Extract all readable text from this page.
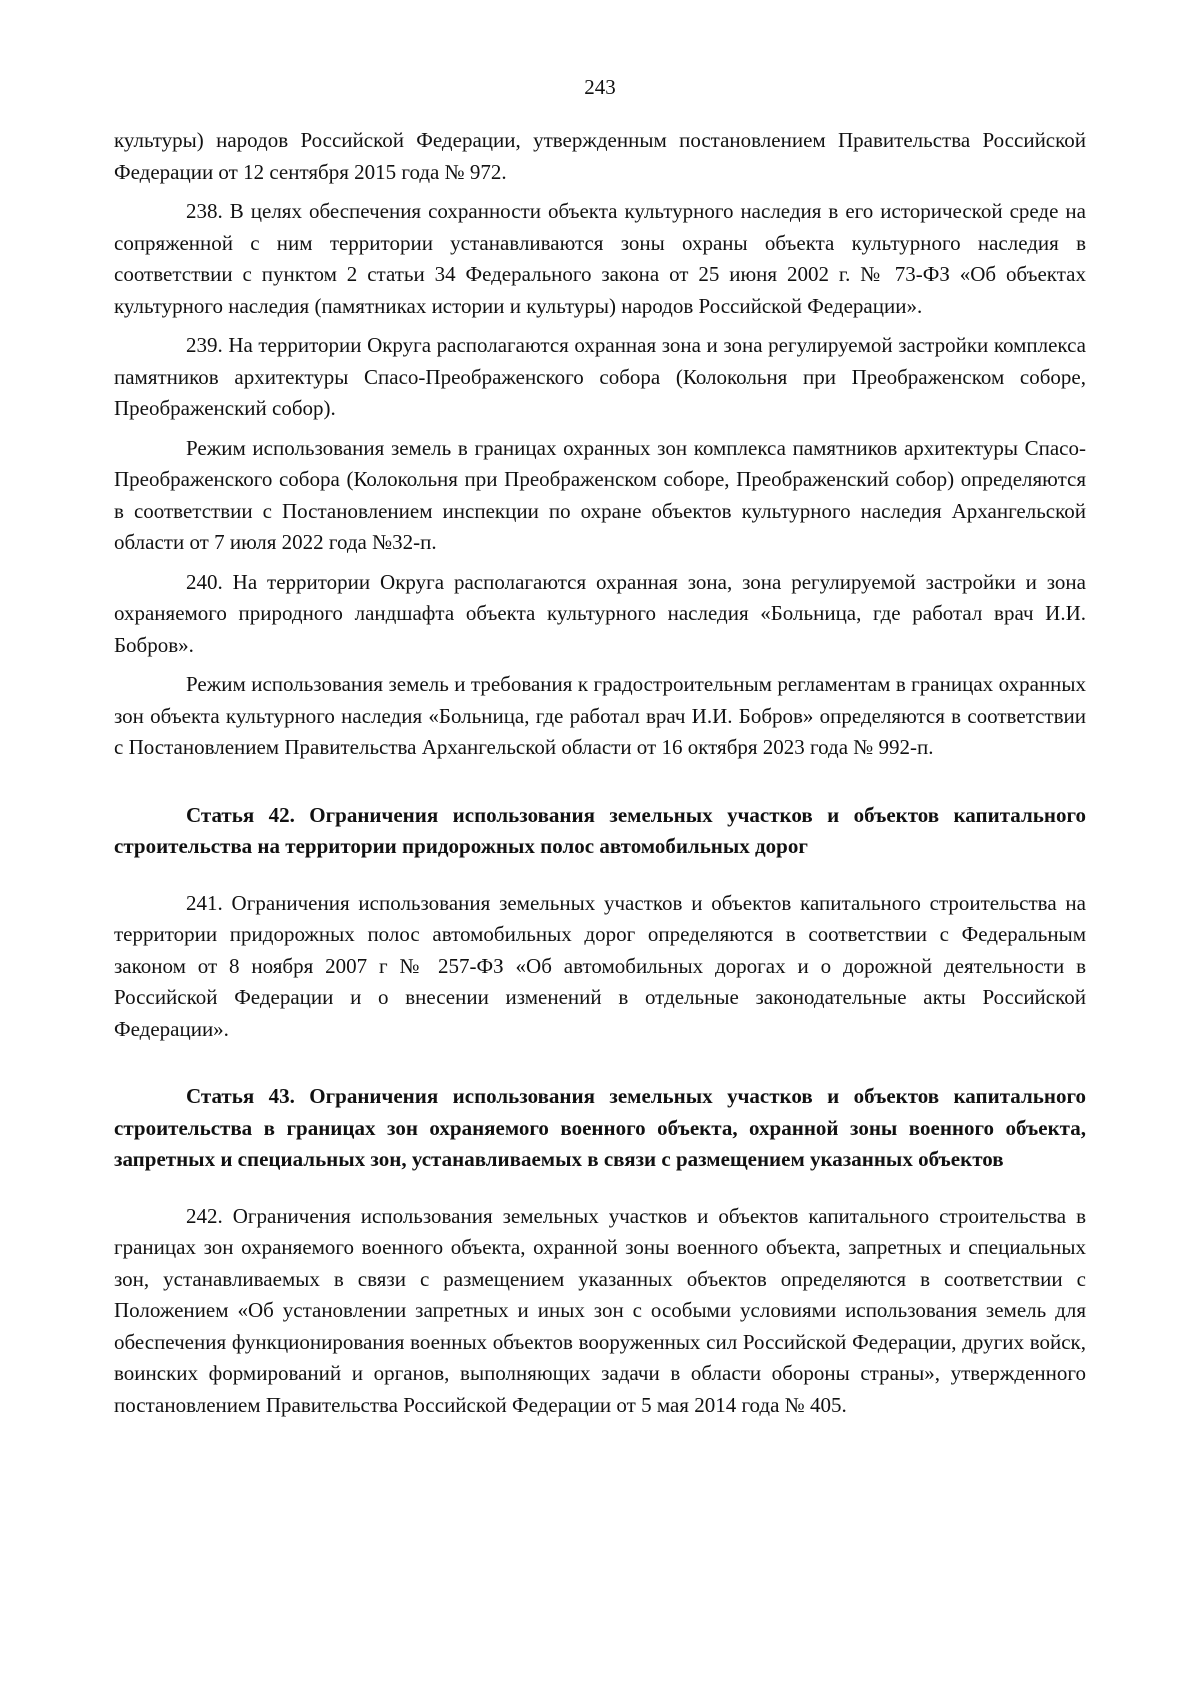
243

культуры) народов Российской Федерации, утвержденным постановлением Правительства Российской Федерации от 12 сентября 2015 года № 972.

238. В целях обеспечения сохранности объекта культурного наследия в его исторической среде на сопряженной с ним территории устанавливаются зоны охраны объекта культурного наследия в соответствии с пунктом 2 статьи 34 Федерального закона от 25 июня 2002 г. № 73-ФЗ «Об объектах культурного наследия (памятниках истории и культуры) народов Российской Федерации».

239. На территории Округа располагаются охранная зона и зона регулируемой застройки комплекса памятников архитектуры Спасо-Преображенского собора (Колокольня при Преображенском соборе, Преображенский собор).

Режим использования земель в границах охранных зон комплекса памятников архитектуры Спасо-Преображенского собора (Колокольня при Преображенском соборе, Преображенский собор) определяются в соответствии с Постановлением инспекции по охране объектов культурного наследия Архангельской области от 7 июля 2022 года №32-п.

240. На территории Округа располагаются охранная зона, зона регулируемой застройки и зона охраняемого природного ландшафта объекта культурного наследия «Больница, где работал врач И.И. Бобров».

Режим использования земель и требования к градостроительным регламентам в границах охранных зон объекта культурного наследия «Больница, где работал врач И.И. Бобров» определяются в соответствии с Постановлением Правительства Архангельской области от 16 октября 2023 года № 992-п.

Статья 42. Ограничения использования земельных участков и объектов капитального строительства на территории придорожных полос автомобильных дорог

241. Ограничения использования земельных участков и объектов капитального строительства на территории придорожных полос автомобильных дорог определяются в соответствии с Федеральным законом от 8 ноября 2007 г № 257-ФЗ «Об автомобильных дорогах и о дорожной деятельности в Российской Федерации и о внесении изменений в отдельные законодательные акты Российской Федерации».

Статья 43. Ограничения использования земельных участков и объектов капитального строительства в границах зон охраняемого военного объекта, охранной зоны военного объекта, запретных и специальных зон, устанавливаемых в связи с размещением указанных объектов

242. Ограничения использования земельных участков и объектов капитального строительства в границах зон охраняемого военного объекта, охранной зоны военного объекта, запретных и специальных зон, устанавливаемых в связи с размещением указанных объектов определяются в соответствии с Положением «Об установлении запретных и иных зон с особыми условиями использования земель для обеспечения функционирования военных объектов вооруженных сил Российской Федерации, других войск, воинских формирований и органов, выполняющих задачи в области обороны страны», утвержденного постановлением Правительства Российской Федерации от 5 мая 2014 года № 405.
